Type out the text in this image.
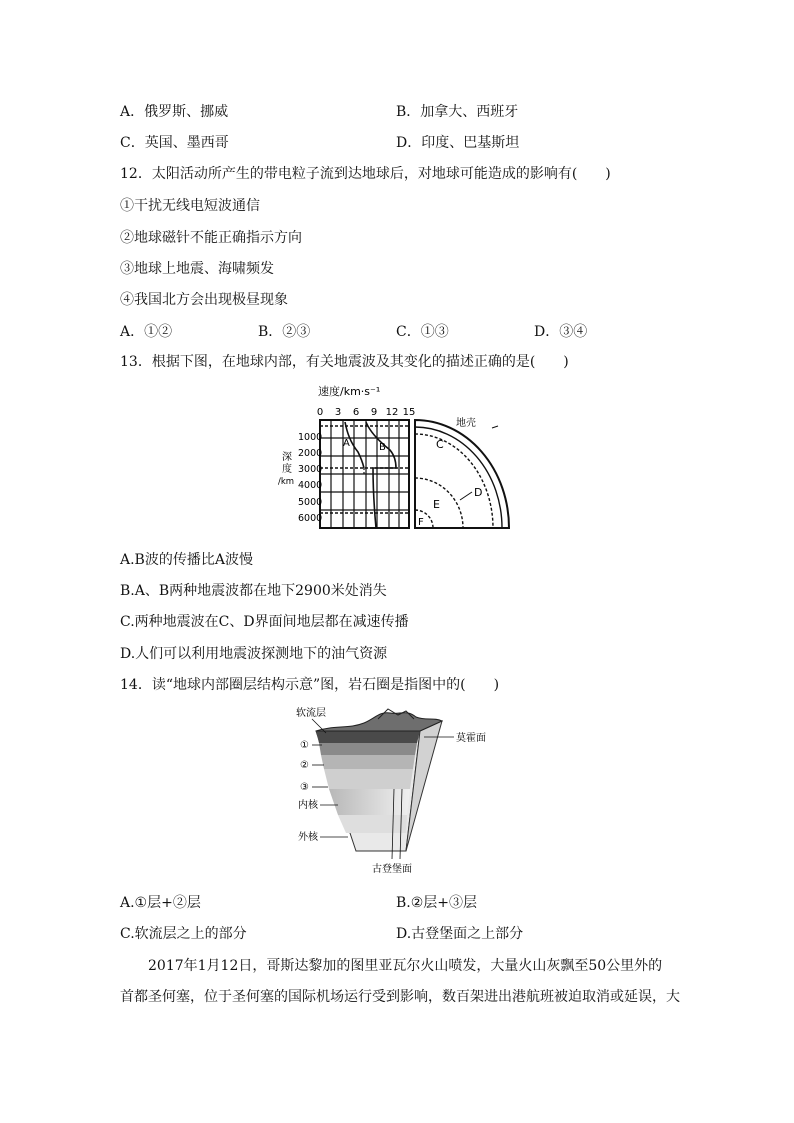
A．俄罗斯、挪威	B．加拿大、西班牙
C．英国、墨西哥	D．印度、巴基斯坦
12．太阳活动所产生的带电粒子流到达地球后，对地球可能造成的影响有(　　)
①干扰无线电短波通信
②地球磁针不能正确指示方向
③地球上地震、海啸频发
④我国北方会出现极昼现象
A．①②	B．②③	C．①③	D．③④
13．根据下图，在地球内部，有关地震波及其变化的描述正确的是(　　)
速度/km·s⁻¹
0 3 6 9 12 15
1000
2000
3000
4000
5000
6000
深
度
/km
A	B
地壳
C
D
E
F
A.B波的传播比A波慢
B.A、B两种地震波都在地下2900米处消失
C.两种地震波在C、D界面间地层都在减速传播
D.人们可以利用地震波探测地下的油气资源
14．读“地球内部圈层结构示意”图，岩石圈是指图中的(　　)
软流层
①
②
③
内核
外核
莫霍面
古登堡面
A.①层+②层	B.②层+③层
C.软流层之上的部分	D.古登堡面之上部分
2017年1月12日，哥斯达黎加的图里亚瓦尔火山喷发，大量火山灰飘至50公里外的
首都圣何塞，位于圣何塞的国际机场运行受到影响，数百架进出港航班被迫取消或延误，大
